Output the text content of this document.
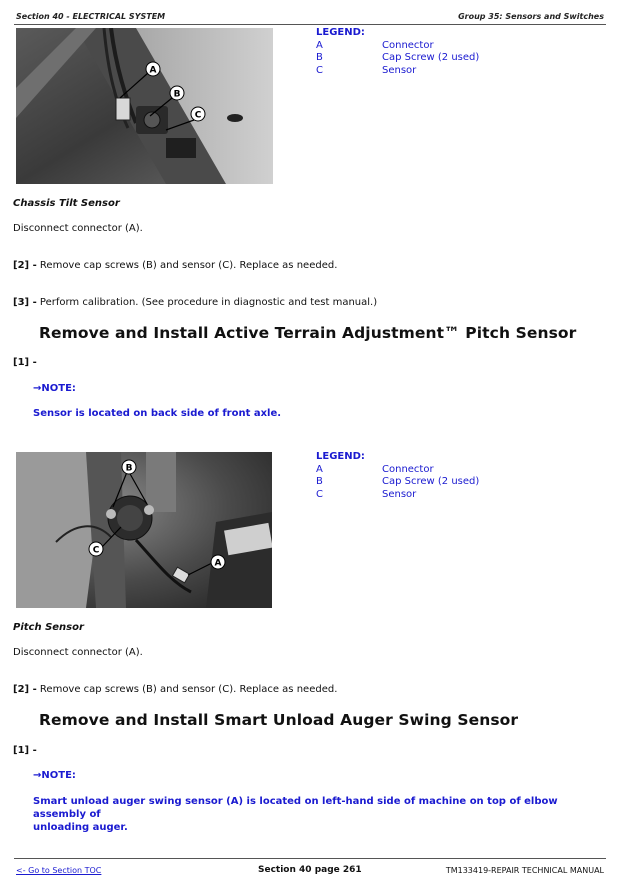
Section 40 - ELECTRICAL SYSTEM	Group 35: Sensors and Switches
A
B
C
LEGEND:
A	Connector
B	Cap Screw (2 used)
C	Sensor
Chassis Tilt Sensor
Disconnect connector (A).
[2] - Remove cap screws (B) and sensor (C). Replace as needed.
[3] - Perform calibration. (See procedure in diagnostic and test manual.)
Remove and Install Active Terrain Adjustment™ Pitch Sensor
[1] -
→NOTE:
Sensor is located on back side of front axle.
B
C
A
LEGEND:
A	Connector
B	Cap Screw (2 used)
C	Sensor
Pitch Sensor
Disconnect connector (A).
[2] - Remove cap screws (B) and sensor (C). Replace as needed.
Remove and Install Smart Unload Auger Swing Sensor
[1] -
→NOTE:
Smart unload auger swing sensor (A) is located on left-hand side of machine on top of elbow assembly of
unloading auger.
<- Go to Section TOC	Section 40 page 261	TM133419-REPAIR TECHNICAL MANUAL
